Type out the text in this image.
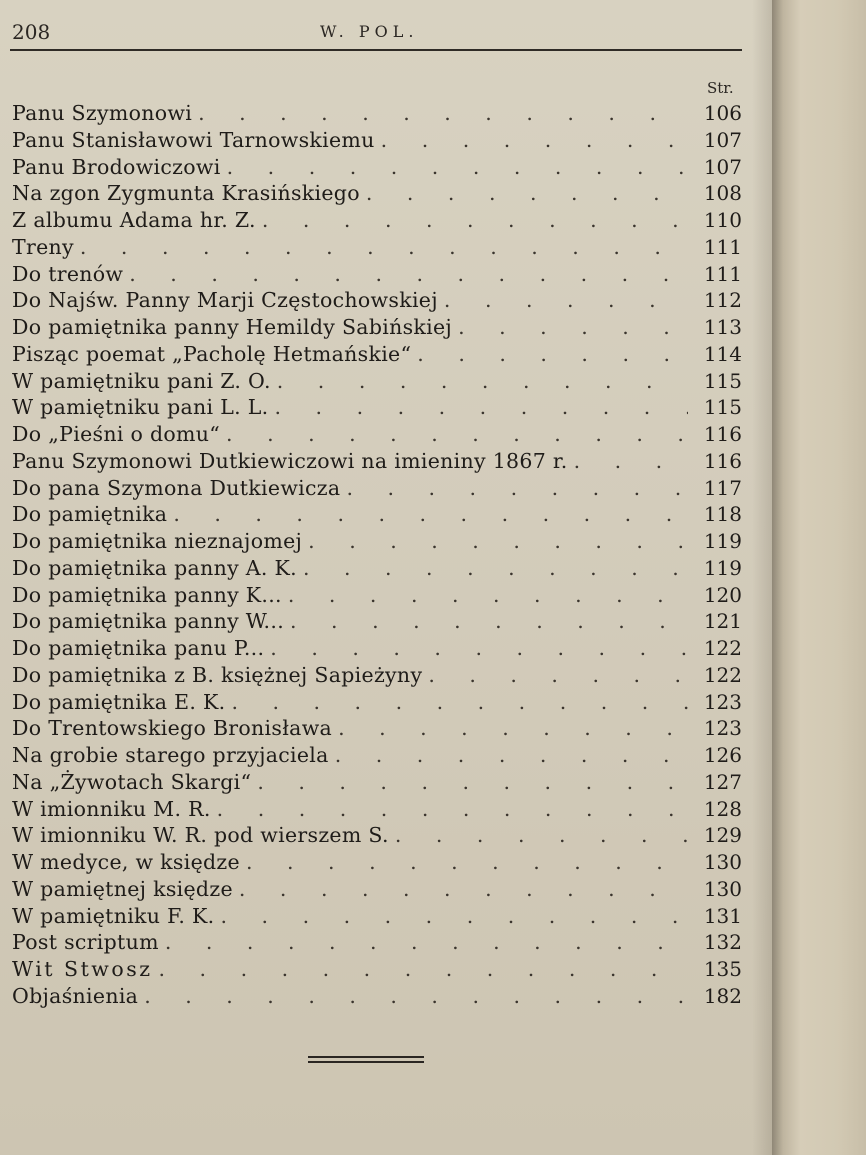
208	W. POL.
Str.
Panu Szymonowi . . .	106
Panu Stanisławowi Tarnowskiemu . . .	107
Panu Brodowiczowi . . .	107
Na zgon Zygmunta Krasińskiego . . .	108
Z albumu Adama hr. Z. . . .	110
Treny . . .	111
Do trenów . . .	111
Do Najśw. Panny Marji Częstochowskiej . . .	112
Do pamiętnika panny Hemildy Sabińskiej . . .	113
Pisząc poemat „Pacholę Hetmańskie“ . . .	114
W pamiętniku pani Z. O. . . .	115
W pamiętniku pani L. L. . . .	115
Do „Pieśni o domu“ . . .	116
Panu Szymonowi Dutkiewiczowi na imieniny 1867 r. . . .	116
Do pana Szymona Dutkiewicza . . .	117
Do pamiętnika . . .	118
Do pamiętnika nieznajomej . . .	119
Do pamiętnika panny A. K. . . .	119
Do pamiętnika panny K... . . .	120
Do pamiętnika panny W... . . .	121
Do pamiętnika panu P... . . .	122
Do pamiętnika z B. księżnej Sapieżyny . . .	122
Do pamiętnika E. K. . . .	123
Do Trentowskiego Bronisława . . .	123
Na grobie starego przyjaciela . . .	126
Na „Żywotach Skargi“ . . .	127
W imionniku M. R. . . .	128
W imionniku W. R. pod wierszem S. . . .	129
W medyce, w księdze . . .	130
W pamiętnej księdze . . .	130
W pamiętniku F. K. . . .	131
Post scriptum . . .	132
Wit Stwosz . . .	135
Objaśnienia . . .	182
